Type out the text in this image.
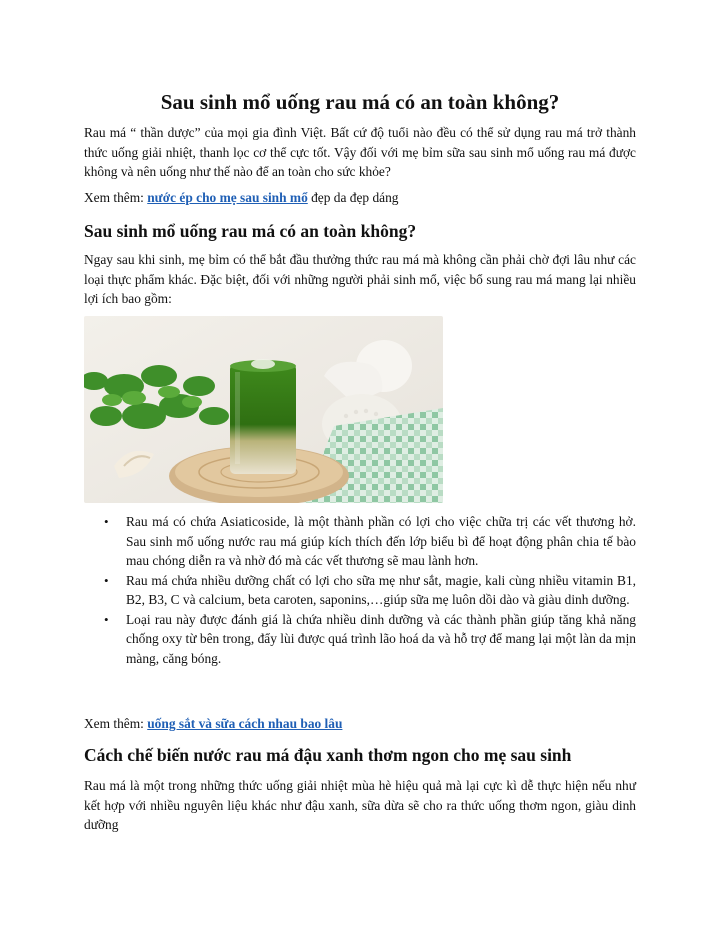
Sau sinh mổ uống rau má có an toàn không?

Rau má “ thần dược” của mọi gia đình Việt. Bất cứ độ tuổi nào đều có thể sử dụng rau má trở thành thức uống giải nhiệt, thanh lọc cơ thể cực tốt. Vậy đối với mẹ bỉm sữa sau sinh mổ uống rau má được không và nên uống như thế nào để an toàn cho sức khỏe?

Xem thêm: nước ép cho mẹ sau sinh mổ đẹp da đẹp dáng

Sau sinh mổ uống rau má có an toàn không?

Ngay sau khi sinh, mẹ bỉm có thể bắt đầu thưởng thức rau má mà không cần phải chờ đợi lâu như các loại thực phẩm khác. Đặc biệt, đối với những người phải sinh mổ, việc bổ sung rau má mang lại nhiều lợi ích bao gồm:

• Rau má có chứa Asiaticoside, là một thành phần có lợi cho việc chữa trị các vết thương hở. Sau sinh mổ uống nước rau má giúp kích thích đến lớp biểu bì để hoạt động phân chia tế bào mau chóng diễn ra và nhờ đó mà các vết thương sẽ mau lành hơn.
• Rau má chứa nhiều dưỡng chất có lợi cho sữa mẹ như sắt, magie, kali cùng nhiều vitamin B1, B2, B3, C và calcium, beta caroten, saponins,…giúp sữa mẹ luôn dồi dào và giàu dinh dưỡng.
• Loại rau này được đánh giá là chứa nhiều dinh dưỡng và các thành phần giúp tăng khả năng chống oxy từ bên trong, đẩy lùi được quá trình lão hoá da và hỗ trợ để mang lại một làn da mịn màng, căng bóng.

Xem thêm: uống sắt và sữa cách nhau bao lâu

Cách chế biến nước rau má đậu xanh thơm ngon cho mẹ sau sinh

Rau má là một trong những thức uống giải nhiệt mùa hè hiệu quả mà lại cực kì dễ thực hiện nếu như kết hợp với nhiều nguyên liệu khác như đậu xanh, sữa dừa sẽ cho ra thức uống thơm ngon, giàu dinh dưỡng
